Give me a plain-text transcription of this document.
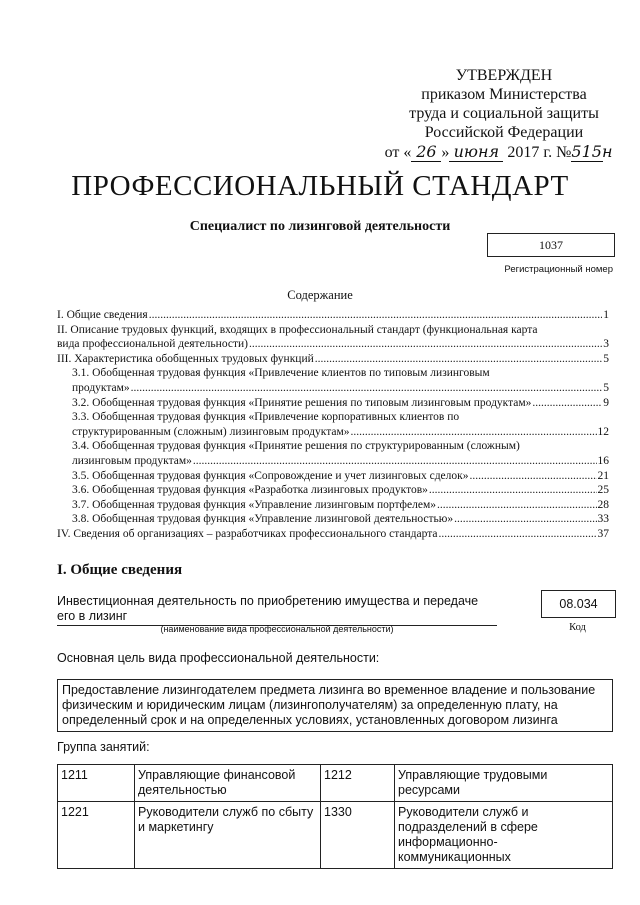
УТВЕРЖДЕН
приказом Министерства
труда и социальной защиты
Российской Федерации
от « 26 » июня 2017 г. №515н
ПРОФЕССИОНАЛЬНЫЙ СТАНДАРТ
Специалист по лизинговой деятельности
1037
Регистрационный номер
Содержание
I. Общие сведения .....	1
II. Описание трудовых функций, входящих в профессиональный стандарт (функциональная карта
вида профессиональной деятельности) .....	3
III. Характеристика обобщенных трудовых функций .....	5
3.1. Обобщенная трудовая функция «Привлечение клиентов по типовым лизинговым
продуктам» .....	5
3.2. Обобщенная трудовая функция «Принятие решения по типовым лизинговым продуктам» .....	9
3.3. Обобщенная трудовая функция «Привлечение корпоративных клиентов по
структурированным (сложным) лизинговым продуктам» .....	12
3.4. Обобщенная трудовая функция «Принятие решения по структурированным (сложным)
лизинговым продуктам» .....	16
3.5. Обобщенная трудовая функция «Сопровождение и учет лизинговых сделок» .....	21
3.6. Обобщенная трудовая функция «Разработка лизинговых продуктов» .....	25
3.7. Обобщенная трудовая функция «Управление лизинговым портфелем» .....	28
3.8. Обобщенная трудовая функция «Управление лизинговой деятельностью» .....	33
IV. Сведения об организациях – разработчиках профессионального стандарта .....	37
I. Общие сведения
Инвестиционная деятельность по приобретению имущества и передаче его в лизинг
08.034
(наименование вида профессиональной деятельности)	Код
Основная цель вида профессиональной деятельности:
Предоставление лизингодателем предмета лизинга во временное владение и пользование физическим и юридическим лицам (лизингополучателям) за определенную плату, на определенный срок и на определенных условиях, установленных договором лизинга
Группа занятий:
1211	Управляющие финансовой деятельностью	1212	Управляющие трудовыми ресурсами
1221	Руководители служб по сбыту и маркетингу	1330	Руководители служб и подразделений в сфере информационно-коммуникационных
